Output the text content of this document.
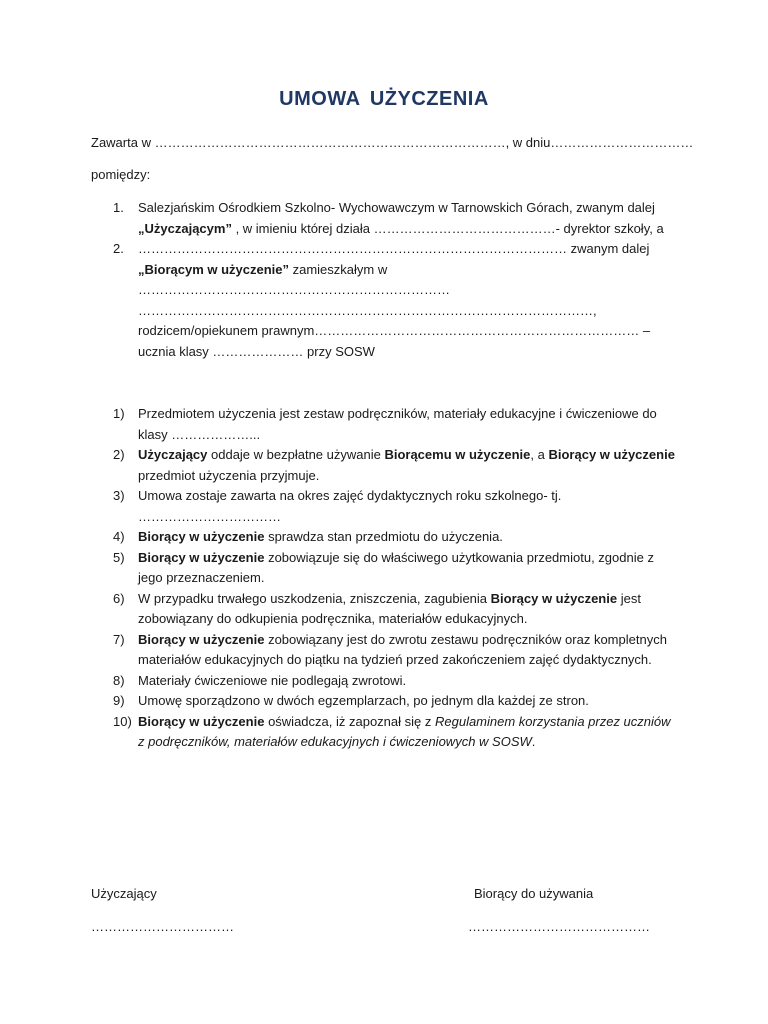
UMOWA UŻYCZENIA
Zawarta w ………………………………………………………………………, w dniu……………………………
pomiędzy:
1. Salezjańskim Ośrodkiem Szkolno- Wychowawczym w Tarnowskich Górach, zwanym dalej „Użyczającym” , w imieniu której działa ……………………………………- dyrektor szkoły, a
2. ……………………………………………………………………………………… zwanym dalej „Biorącym w użyczenie” zamieszkałym w ……………………………………………………………… ……………………………………………………………………………………………, rodzicem/opiekunem prawnym………………………………………………………………… – ucznia klasy ………………… przy SOSW
1) Przedmiotem użyczenia jest zestaw podręczników, materiały edukacyjne i ćwiczeniowe do klasy ………………...
2) Użyczający oddaje w bezpłatne używanie Biorącemu w użyczenie, a Biorący w użyczenie przedmiot użyczenia przyjmuje.
3) Umowa zostaje zawarta na okres zajęć dydaktycznych roku szkolnego- tj. ……………………………
4) Biorący w użyczenie sprawdza stan przedmiotu do użyczenia.
5) Biorący w użyczenie zobowiązuje się do właściwego użytkowania przedmiotu, zgodnie z jego przeznaczeniem.
6) W przypadku trwałego uszkodzenia, zniszczenia, zagubienia Biorący w użyczenie jest zobowiązany do odkupienia podręcznika, materiałów edukacyjnych.
7) Biorący w użyczenie zobowiązany jest do zwrotu zestawu podręczników oraz kompletnych materiałów edukacyjnych do piątku na tydzień przed zakończeniem zajęć dydaktycznych.
8) Materiały ćwiczeniowe nie podlegają zwrotowi.
9) Umowę sporządzono w dwóch egzemplarzach, po jednym dla każdej ze stron.
10) Biorący w użyczenie oświadcza, iż zapoznał się z Regulaminem korzystania przez uczniów z podręczników, materiałów edukacyjnych i ćwiczeniowych w SOSW.
Użyczający
……………………………
Biorący do używania
……………………………………
